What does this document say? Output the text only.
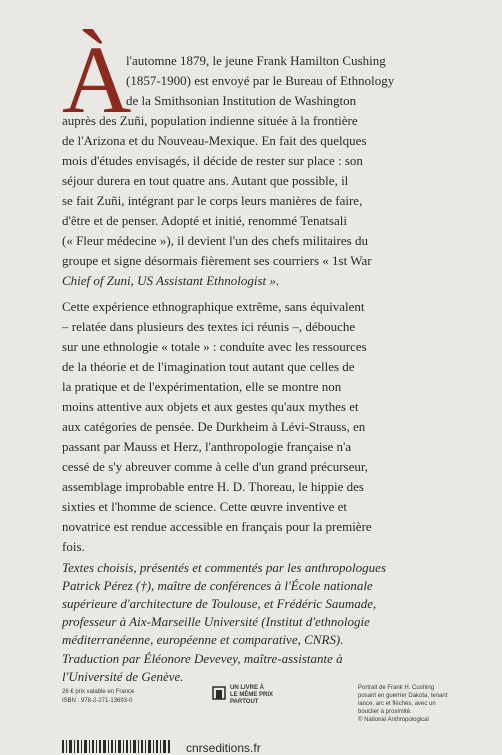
À
l'automne 1879, le jeune Frank Hamilton Cushing
(1857-1900) est envoyé par le Bureau of Ethnology
de la Smithsonian Institution de Washington
auprès des Zuñi, population indienne située à la frontière
de l'Arizona et du Nouveau-Mexique. En fait des quelques
mois d'études envisagés, il décide de rester sur place : son
séjour durera en tout quatre ans. Autant que possible, il
se fait Zuñi, intégrant par le corps leurs manières de faire,
d'être et de penser. Adopté et initié, renommé Tenatsali
(« Fleur médecine »), il devient l'un des chefs militaires du
groupe et signe désormais fièrement ses courriers « 1st War
Chief of Zuni, US Assistant Ethnologist ».
Cette expérience ethnographique extrême, sans équivalent
– relatée dans plusieurs des textes ici réunis –, débouche
sur une ethnologie « totale » : conduite avec les ressources
de la théorie et de l'imagination tout autant que celles de
la pratique et de l'expérimentation, elle se montre non
moins attentive aux objets et aux gestes qu'aux mythes et
aux catégories de pensée. De Durkheim à Lévi-Strauss, en
passant par Mauss et Herz, l'anthropologie française n'a
cessé de s'y abreuver comme à celle d'un grand précurseur,
assemblage improbable entre H. D. Thoreau, le hippie des
sixties et l'homme de science. Cette œuvre inventive et
novatrice est rendue accessible en français pour la première
fois.
Textes choisis, présentés et commentés par les anthropologues
Patrick Pérez (†), maître de conférences à l'École nationale
supérieure d'architecture de Toulouse, et Frédéric Saumade,
professeur à Aix-Marseille Université (Institut d'ethnologie
méditerranéenne, européenne et comparative, CNRS).
Traduction par Éléonore Devevey, maître-assistante à
l'Université de Genève.
26 € prix valable en France
ISBN : 978-2-271-13693-0
UN LIVRE À
LE MÊME PRIX
PARTOUT
Portrait de Frank H. Cushing
posant en guerrier Dakota, tenant
lance, arc et flèches, avec un
bouclier à proximité.
© National Anthropological
cnrseditions.fr
